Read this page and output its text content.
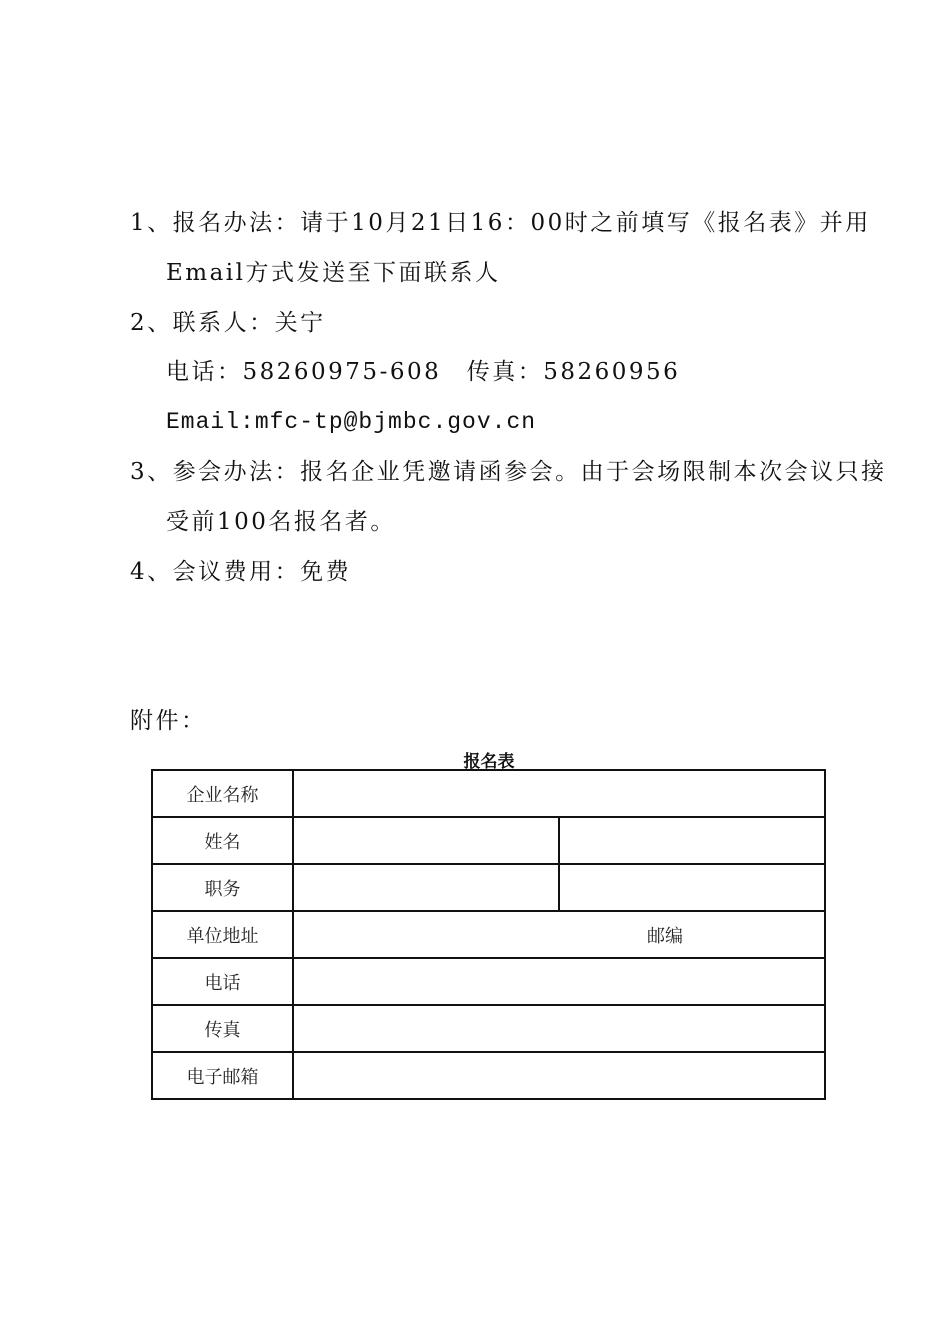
1、报名办法：请于10月21日16：00时之前填写《报名表》并用
Email方式发送至下面联系人
2、联系人：关宁
电话：58260975-608　传真：58260956
Email:mfc-tp@bjmbc.gov.cn
3、参会办法：报名企业凭邀请函参会。由于会场限制本次会议只接
受前100名报名者。
4、会议费用：免费
附件：
报名表
企业名称		
姓名		
职务		
单位地址	邮编	
电话		
传真		
电子邮箱		
